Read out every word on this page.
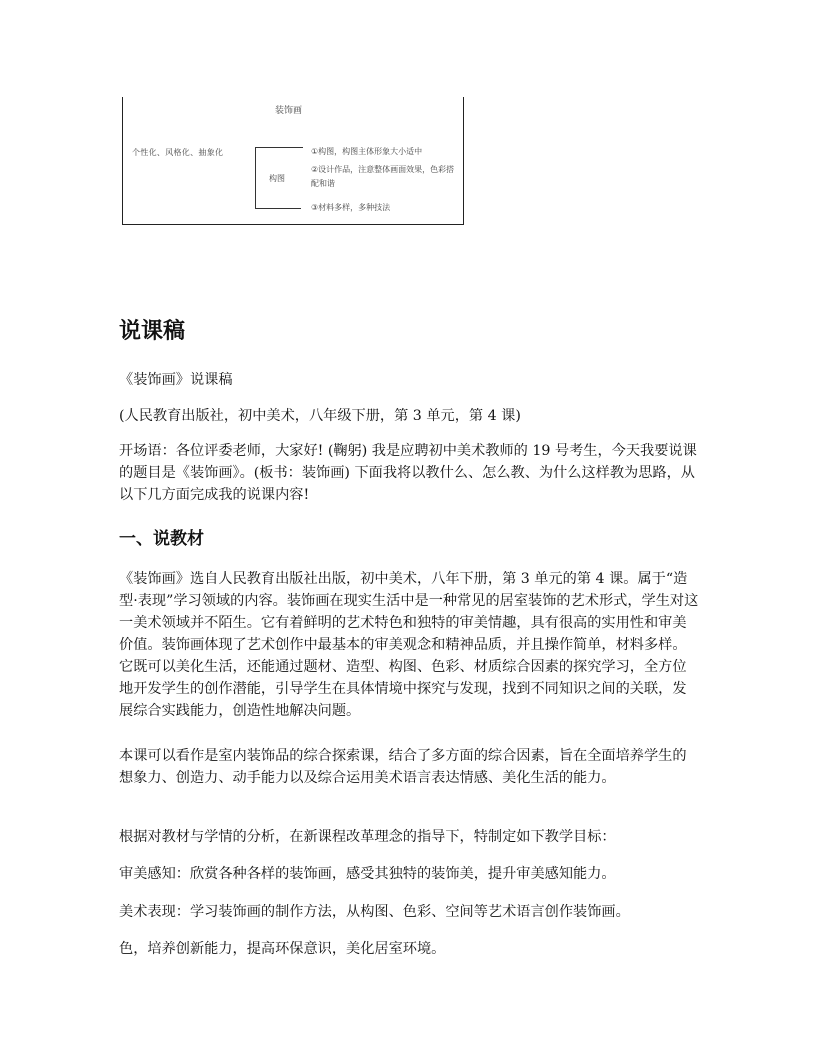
装饰画
个性化、风格化、抽象化
构图
①构图，构图主体形象大小适中
②设计作品，注意整体画面效果，色彩搭配和谐
③材料多样，多种技法
说课稿

《装饰画》说课稿

(人民教育出版社，初中美术，八年级下册，第 3 单元，第 4 课)

开场语：各位评委老师，大家好! (鞠躬) 我是应聘初中美术教师的 19 号考生，今天我要说课的题目是《装饰画》。(板书：装饰画) 下面我将以教什么、怎么教、为什么这样教为思路，从以下几方面完成我的说课内容!

一、说教材

《装饰画》选自人民教育出版社出版，初中美术，八年下册，第 3 单元的第 4 课。属于“造型·表现”学习领域的内容。装饰画在现实生活中是一种常见的居室装饰的艺术形式，学生对这一美术领域并不陌生。它有着鲜明的艺术特色和独特的审美情趣，具有很高的实用性和审美价值。装饰画体现了艺术创作中最基本的审美观念和精神品质，并且操作简单，材料多样。它既可以美化生活，还能通过题材、造型、构图、色彩、材质综合因素的探究学习，全方位地开发学生的创作潜能，引导学生在具体情境中探究与发现，找到不同知识之间的关联，发展综合实践能力，创造性地解决问题。

本课可以看作是室内装饰品的综合探索课，结合了多方面的综合因素，旨在全面培养学生的想象力、创造力、动手能力以及综合运用美术语言表达情感、美化生活的能力。

根据对教材与学情的分析，在新课程改革理念的指导下，特制定如下教学目标：

审美感知：欣赏各种各样的装饰画，感受其独特的装饰美，提升审美感知能力。

美术表现：学习装饰画的制作方法，从构图、色彩、空间等艺术语言创作装饰画。

色，培养创新能力，提高环保意识，美化居室环境。
